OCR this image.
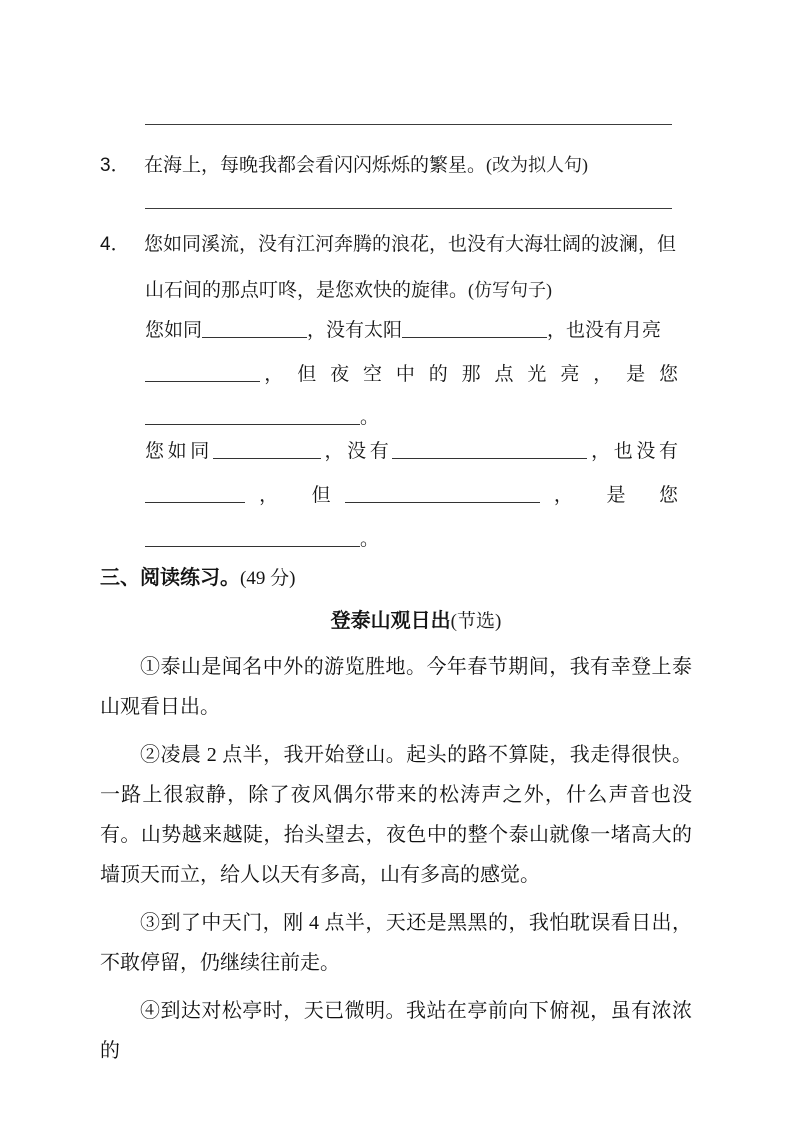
3． 在海上，每晚我都会看闪闪烁烁的繁星。(改为拟人句)
4． 您如同溪流，没有江河奔腾的浪花，也没有大海壮阔的波澜，但
山石间的那点叮咚，是您欢快的旋律。(仿写句子)
您如同	，没有太阳	，也没有月亮
， 但 夜 空 中 的 那 点 光 亮 ， 是 您
。
您如同	，没有	，也没有
， 但	， 是 您
。
三、阅读练习。(49 分)
登泰山观日出(节选)

①泰山是闻名中外的游览胜地。今年春节期间，我有幸登上泰山观看日出。

②凌晨 2 点半，我开始登山。起头的路不算陡，我走得很快。一路上很寂静，除了夜风偶尔带来的松涛声之外，什么声音也没有。山势越来越陡，抬头望去，夜色中的整个泰山就像一堵高大的墙顶天而立，给人以天有多高，山有多高的感觉。

③到了中天门，刚 4 点半，天还是黑黑的，我怕耽误看日出，不敢停留，仍继续往前走。

④到达对松亭时，天已微明。我站在亭前向下俯视，虽有浓浓的
